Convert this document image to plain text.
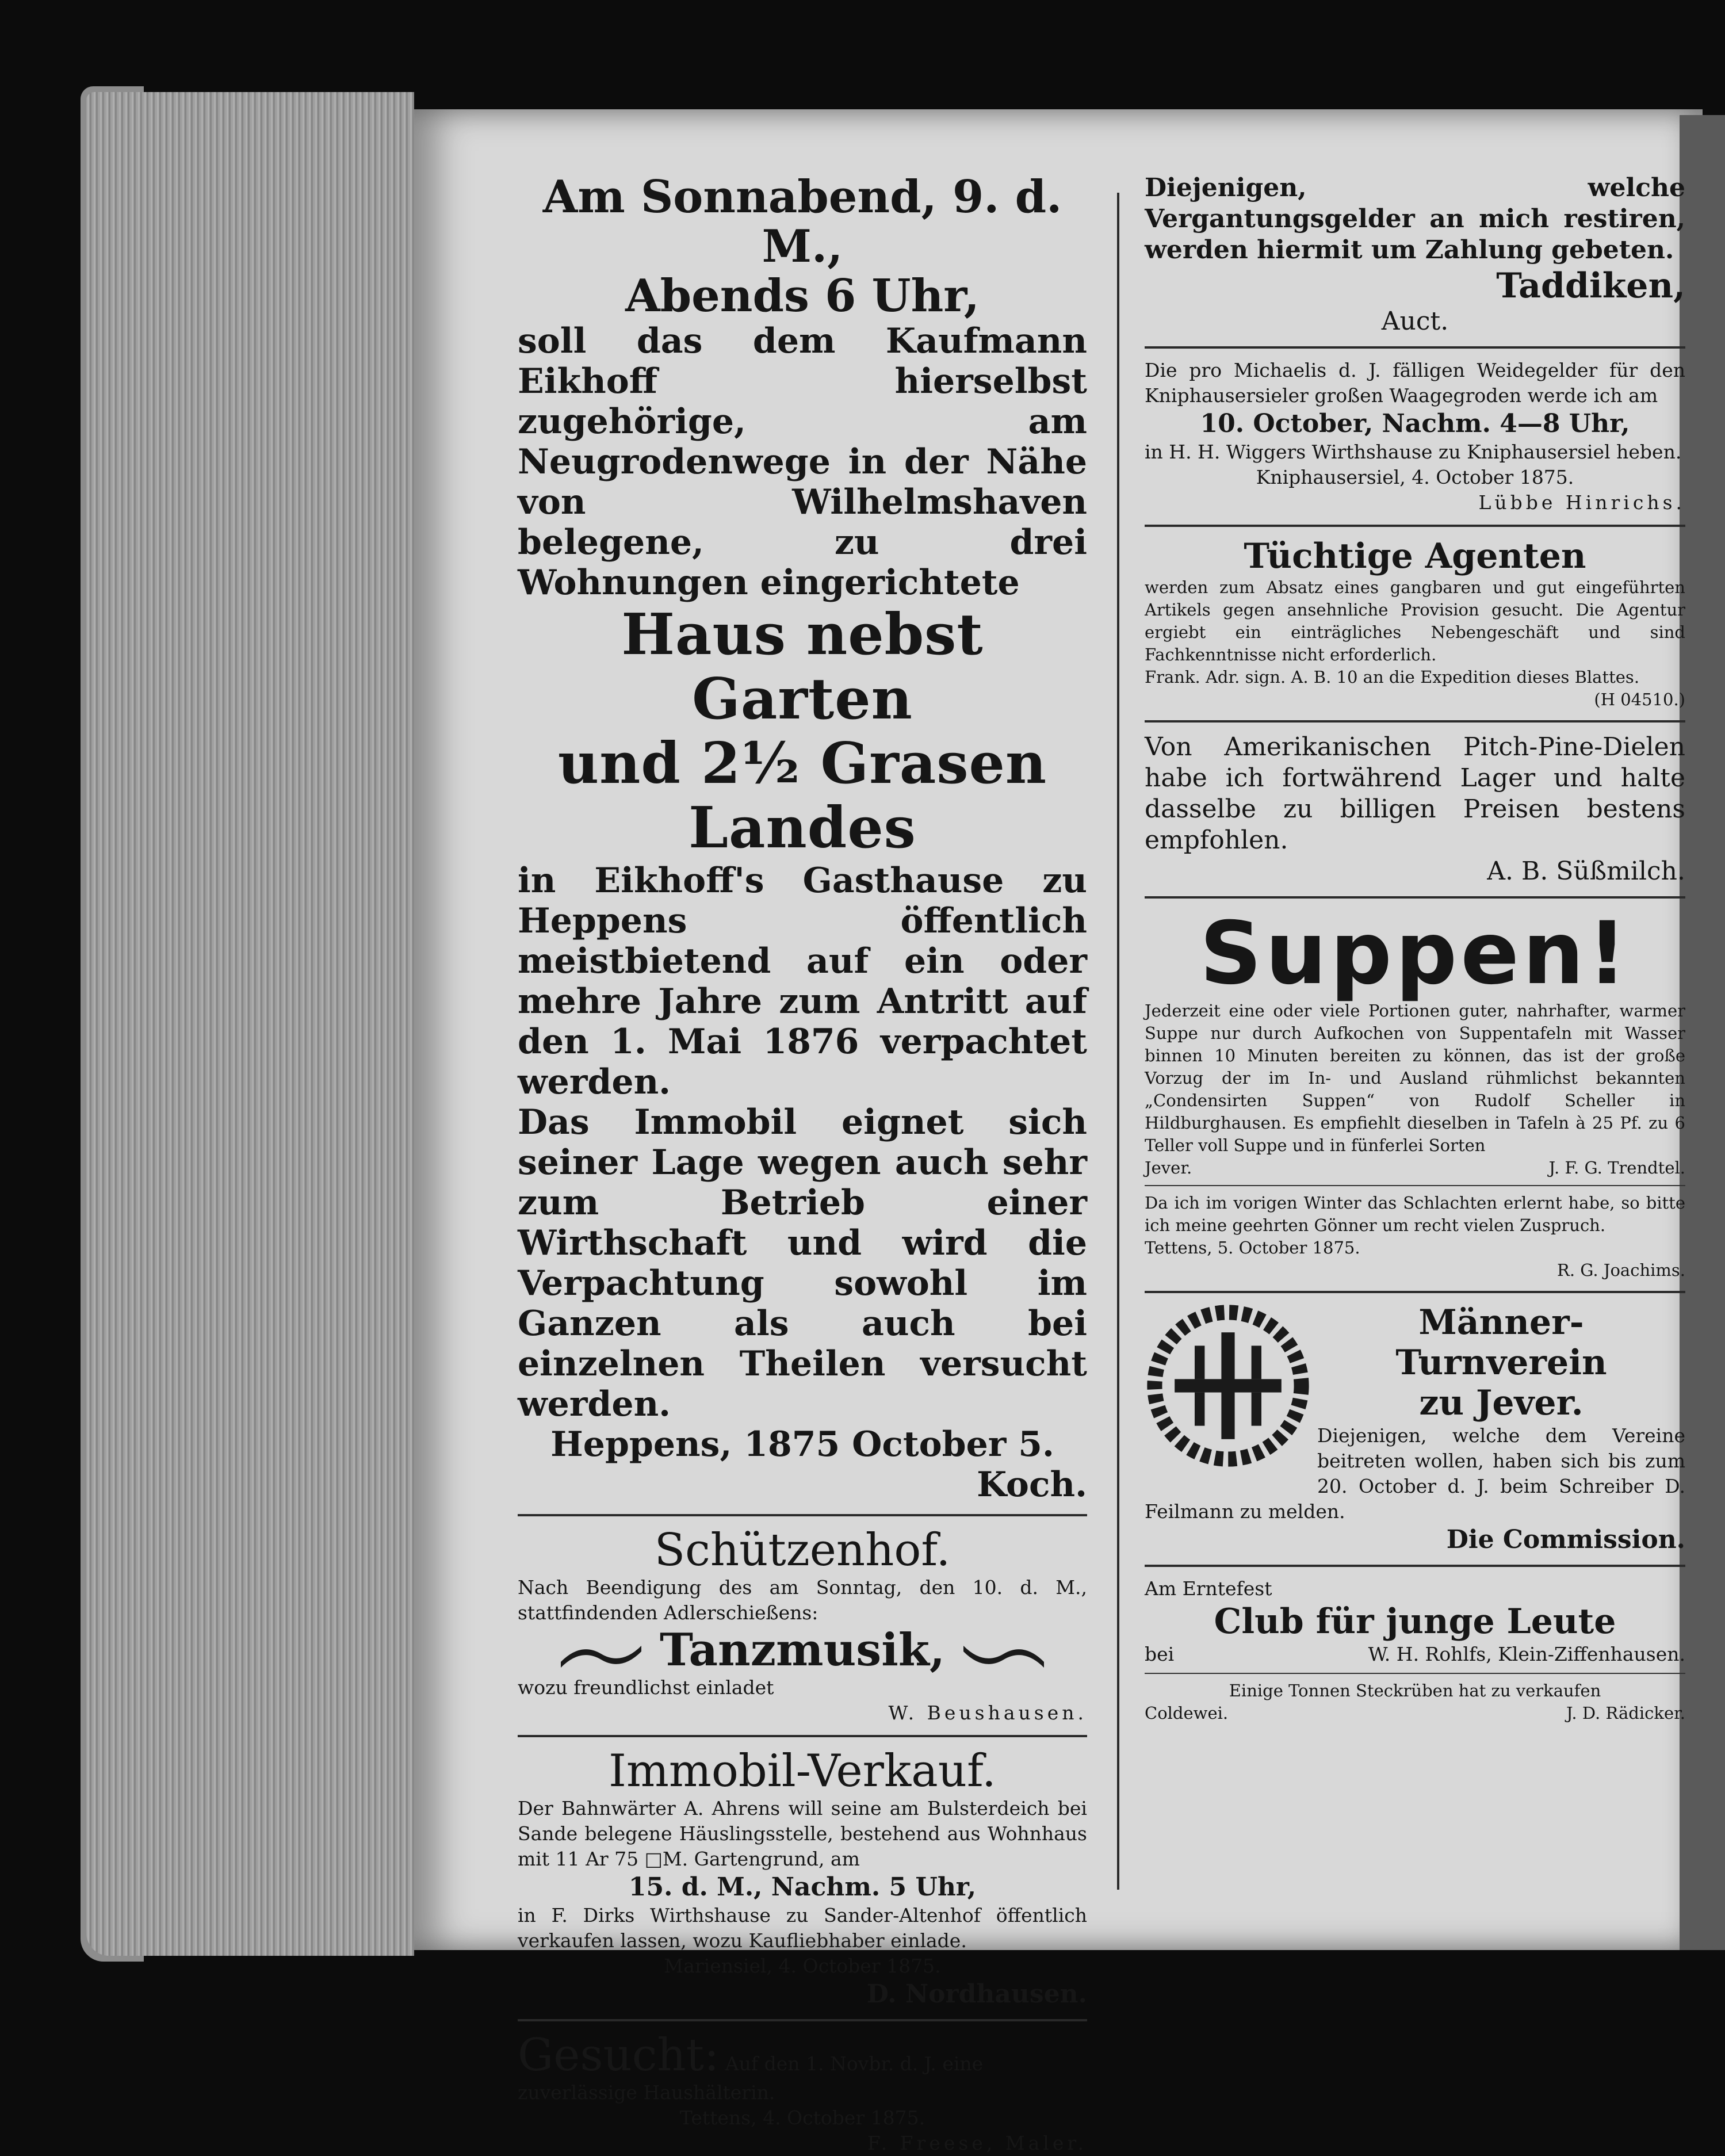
Am Sonnabend, 9. d. M.,

Abends 6 Uhr,

soll das dem Kaufmann Eikhoff hierselbst zugehörige, am Neugrodenwege in der Nähe von Wilhelmshaven belegene, zu drei Wohnungen eingerichtete

Haus nebst Garten

und 2½ Grasen

Landes

in Eikhoff's Gasthause zu Heppens öffentlich meistbietend auf ein oder mehre Jahre zum Antritt auf den 1. Mai 1876 verpachtet werden.

Das Immobil eignet sich seiner Lage wegen auch sehr zum Betrieb einer Wirthschaft und wird die Verpachtung sowohl im Ganzen als auch bei einzelnen Theilen versucht werden.

Heppens, 1875 October 5.

Koch.

Schützenhof.

Nach Beendigung des am Sonntag, den 10. d. M., stattfindenden Adlerschießens:

Tanzmusik,

wozu freundlichst einladet

W. Beushausen.

Immobil-Verkauf.

Der Bahnwärter A. Ahrens will seine am Bulsterdeich bei Sande belegene Häuslingsstelle, bestehend aus Wohnhaus mit 11 Ar 75 □M. Gartengrund, am

15. d. M., Nachm. 5 Uhr,

in F. Dirks Wirthshause zu Sander-Altenhof öffentlich verkaufen lassen, wozu Kaufliebhaber einlade.

Mariensiel, 4. October 1875.

D. Nordhausen.

Gesucht: Auf den 1. Novbr. d. J. eine zuverlässige Haushälterin.

Tettens, 4. October 1875.

F. Freese, Maler.

Diejenigen, welche Vergantungsgelder an mich restiren, werden hiermit um Zahlung gebeten.

Taddiken,

Auct.

Die pro Michaelis d. J. fälligen Weidegelder für den Kniphausersieler großen Waagegroden werde ich am

10. October, Nachm. 4—8 Uhr,

in H. H. Wiggers Wirthshause zu Kniphausersiel heben.

Kniphausersiel, 4. October 1875.

Lübbe Hinrichs.

Tüchtige Agenten

werden zum Absatz eines gangbaren und gut eingeführten Artikels gegen ansehnliche Provision gesucht. Die Agentur ergiebt ein einträgliches Nebengeschäft und sind Fachkenntnisse nicht erforderlich.

Frank. Adr. sign. A. B. 10 an die Expedition dieses Blattes.

(H 04510.)

Von Amerikanischen Pitch-Pine-Dielen habe ich fortwährend Lager und halte dasselbe zu billigen Preisen bestens empfohlen.

A. B. Süßmilch.

Suppen!

Jederzeit eine oder viele Portionen guter, nahrhafter, warmer Suppe nur durch Aufkochen von Suppentafeln mit Wasser binnen 10 Minuten bereiten zu können, das ist der große Vorzug der im In- und Ausland rühmlichst bekannten „Condensirten Suppen“ von Rudolf Scheller in Hildburghausen. Es empfiehlt dieselben in Tafeln à 25 Pf. zu 6 Teller voll Suppe und in fünferlei Sorten

Jever.	J. F. G. Trendtel.

Da ich im vorigen Winter das Schlachten erlernt habe, so bitte ich meine geehrten Gönner um recht vielen Zuspruch.

Tettens, 5. October 1875.

R. G. Joachims.

Männer-Turnverein

zu Jever.

Diejenigen, welche dem Vereine beitreten wollen, haben sich bis zum 20. October d. J. beim Schreiber D. Feilmann zu melden.

Die Commission.

Am Erntefest

Club für junge Leute

bei	W. H. Rohlfs, Klein-Ziffenhausen.

Einige Tonnen Steckrüben hat zu verkaufen

Coldewei.	J. D. Rädicker.
